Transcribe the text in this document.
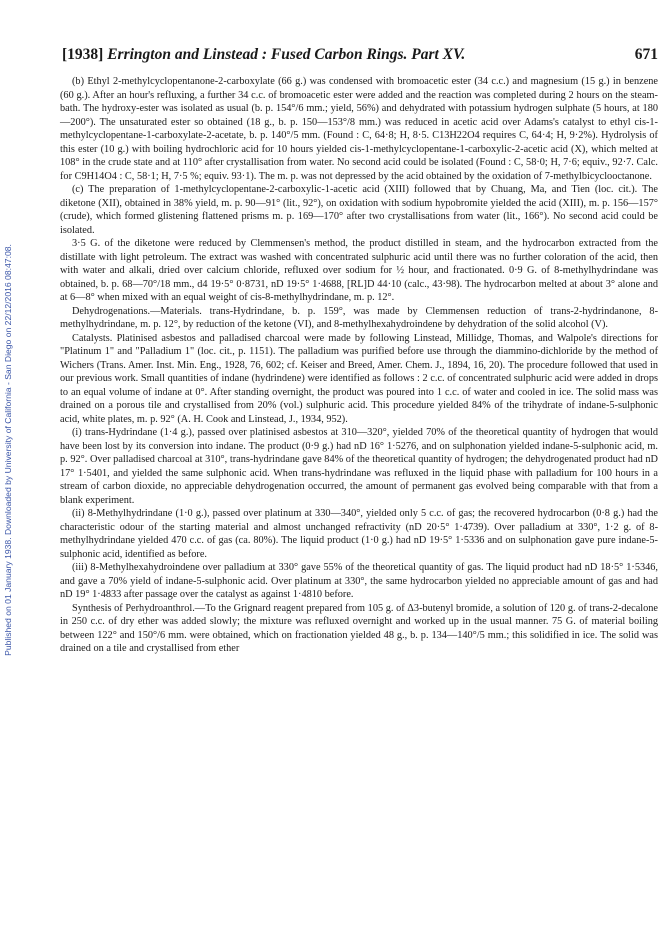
Published on 01 January 1938. Downloaded by University of California - San Diego on 22/12/2016 08:47:08.
[1938] Errington and Linstead : Fused Carbon Rings. Part XV.	671

(b) Ethyl 2-methylcyclopentanone-2-carboxylate (66 g.) was condensed with bromoacetic ester (34 c.c.) and magnesium (15 g.) in benzene (60 g.). After an hour's refluxing, a further 34 c.c. of bromoacetic ester were added and the reaction was completed during 2 hours on the steam-bath. The hydroxy-ester was isolated as usual (b. p. 154°/6 mm.; yield, 56%) and dehydrated with potassium hydrogen sulphate (5 hours, at 180—200°). The unsaturated ester so obtained (18 g., b. p. 150—153°/8 mm.) was reduced in acetic acid over Adams's catalyst to ethyl cis-1-methylcyclopentane-1-carboxylate-2-acetate, b. p. 140°/5 mm. (Found : C, 64·8; H, 8·5. C13H22O4 requires C, 64·4; H, 9·2%). Hydrolysis of this ester (10 g.) with boiling hydrochloric acid for 10 hours yielded cis-1-methylcyclopentane-1-carboxylic-2-acetic acid (X), which melted at 108° in the crude state and at 110° after crystallisation from water. No second acid could be isolated (Found : C, 58·0; H, 7·6; equiv., 92·7. Calc. for C9H14O4 : C, 58·1; H, 7·5 %; equiv. 93·1). The m. p. was not depressed by the acid obtained by the oxidation of 7-methylbicyclooctanone.

(c) The preparation of 1-methylcyclopentane-2-carboxylic-1-acetic acid (XIII) followed that by Chuang, Ma, and Tien (loc. cit.). The diketone (XII), obtained in 38% yield, m. p. 90—91° (lit., 92°), on oxidation with sodium hypobromite yielded the acid (XIII), m. p. 156—157° (crude), which formed glistening flattened prisms m. p. 169—170° after two crystallisations from water (lit., 166°). No second acid could be isolated.

3·5 G. of the diketone were reduced by Clemmensen's method, the product distilled in steam, and the hydrocarbon extracted from the distillate with light petroleum. The extract was washed with concentrated sulphuric acid until there was no further coloration of the acid, then with water and alkali, dried over calcium chloride, refluxed over sodium for ½ hour, and fractionated. 0·9 G. of 8-methylhydrindane was obtained, b. p. 68—70°/18 mm., d4 19·5° 0·8731, nD 19·5° 1·4688, [RL]D 44·10 (calc., 43·98). The hydrocarbon melted at about 3° alone and at 6—8° when mixed with an equal weight of cis-8-methylhydrindane, m. p. 12°.

Dehydrogenations.—Materials. trans-Hydrindane, b. p. 159°, was made by Clemmensen reduction of trans-2-hydrindanone, 8-methylhydrindane, m. p. 12°, by reduction of the ketone (VI), and 8-methylhexahydroindene by dehydration of the solid alcohol (V).

Catalysts. Platinised asbestos and palladised charcoal were made by following Linstead, Millidge, Thomas, and Walpole's directions for "Platinum 1" and "Palladium 1" (loc. cit., p. 1151). The palladium was purified before use through the diammino-dichloride by the method of Wichers (Trans. Amer. Inst. Min. Eng., 1928, 76, 602; cf. Keiser and Breed, Amer. Chem. J., 1894, 16, 20). The procedure followed that used in our previous work. Small quantities of indane (hydrindene) were identified as follows : 2 c.c. of concentrated sulphuric acid were added in drops to an equal volume of indane at 0°. After standing overnight, the product was poured into 1 c.c. of water and cooled in ice. The solid mass was drained on a porous tile and crystallised from 20% (vol.) sulphuric acid. This procedure yielded 84% of the trihydrate of indane-5-sulphonic acid, white plates, m. p. 92° (A. H. Cook and Linstead, J., 1934, 952).

(i) trans-Hydrindane (1·4 g.), passed over platinised asbestos at 310—320°, yielded 70% of the theoretical quantity of hydrogen that would have been lost by its conversion into indane. The product (0·9 g.) had nD 16° 1·5276, and on sulphonation yielded indane-5-sulphonic acid, m. p. 92°. Over palladised charcoal at 310°, trans-hydrindane gave 84% of the theoretical quantity of hydrogen; the dehydrogenated product had nD 17° 1·5401, and yielded the same sulphonic acid. When trans-hydrindane was refluxed in the liquid phase with palladium for 100 hours in a stream of carbon dioxide, no appreciable dehydrogenation occurred, the amount of permanent gas evolved being comparable with that from a blank experiment.

(ii) 8-Methylhydrindane (1·0 g.), passed over platinum at 330—340°, yielded only 5 c.c. of gas; the recovered hydrocarbon (0·8 g.) had the characteristic odour of the starting material and almost unchanged refractivity (nD 20·5° 1·4739). Over palladium at 330°, 1·2 g. of 8-methylhydrindane yielded 470 c.c. of gas (ca. 80%). The liquid product (1·0 g.) had nD 19·5° 1·5336 and on sulphonation gave pure indane-5-sulphonic acid, identified as before.

(iii) 8-Methylhexahydroindene over palladium at 330° gave 55% of the theoretical quantity of gas. The liquid product had nD 18·5° 1·5346, and gave a 70% yield of indane-5-sulphonic acid. Over platinum at 330°, the same hydrocarbon yielded no appreciable amount of gas and had nD 19° 1·4833 after passage over the catalyst as against 1·4810 before.

Synthesis of Perhydroanthrol.—To the Grignard reagent prepared from 105 g. of Δ3-butenyl bromide, a solution of 120 g. of trans-2-decalone in 250 c.c. of dry ether was added slowly; the mixture was refluxed overnight and worked up in the usual manner. 75 G. of material boiling between 122° and 150°/6 mm. were obtained, which on fractionation yielded 48 g., b. p. 134—140°/5 mm.; this solidified in ice. The solid was drained on a tile and crystallised from ether
